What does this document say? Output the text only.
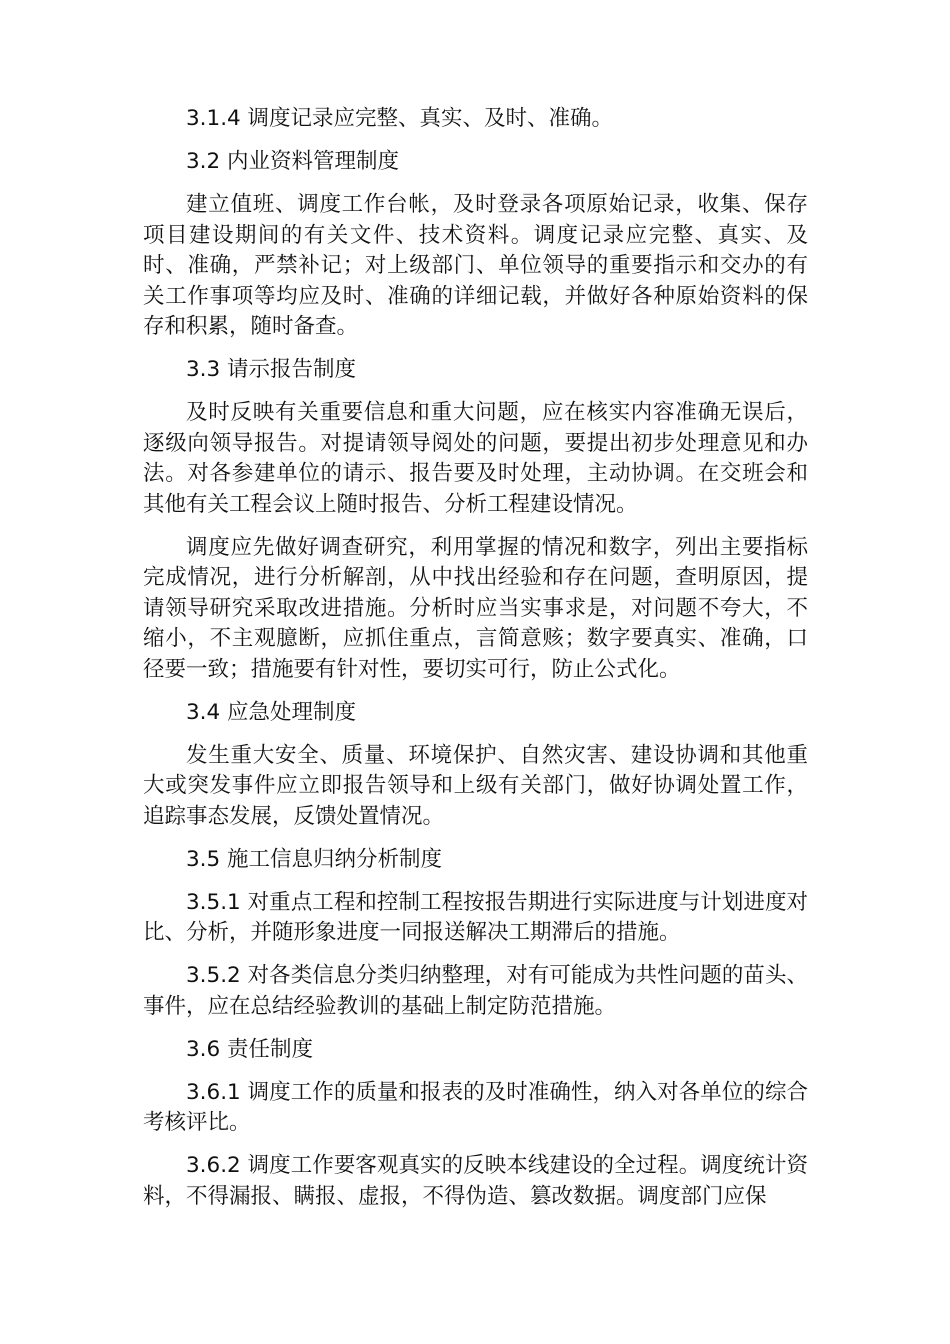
3.1.4 调度记录应完整、真实、及时、准确。

3.2 内业资料管理制度

建立值班、调度工作台帐，及时登录各项原始记录，收集、保存项目建设期间的有关文件、技术资料。调度记录应完整、真实、及时、准确，严禁补记；对上级部门、单位领导的重要指示和交办的有关工作事项等均应及时、准确的详细记载，并做好各种原始资料的保存和积累，随时备查。

3.3 请示报告制度

及时反映有关重要信息和重大问题，应在核实内容准确无误后，逐级向领导报告。对提请领导阅处的问题，要提出初步处理意见和办法。对各参建单位的请示、报告要及时处理，主动协调。在交班会和其他有关工程会议上随时报告、分析工程建设情况。

调度应先做好调查研究，利用掌握的情况和数字，列出主要指标完成情况，进行分析解剖，从中找出经验和存在问题，查明原因，提请领导研究采取改进措施。分析时应当实事求是，对问题不夸大，不缩小，不主观臆断，应抓住重点，言简意赅；数字要真实、准确，口径要一致；措施要有针对性，要切实可行，防止公式化。

3.4 应急处理制度

发生重大安全、质量、环境保护、自然灾害、建设协调和其他重大或突发事件应立即报告领导和上级有关部门，做好协调处置工作，追踪事态发展，反馈处置情况。

3.5 施工信息归纳分析制度

3.5.1 对重点工程和控制工程按报告期进行实际进度与计划进度对比、分析，并随形象进度一同报送解决工期滞后的措施。

3.5.2 对各类信息分类归纳整理，对有可能成为共性问题的苗头、事件，应在总结经验教训的基础上制定防范措施。

3.6 责任制度

3.6.1 调度工作的质量和报表的及时准确性，纳入对各单位的综合考核评比。

3.6.2 调度工作要客观真实的反映本线建设的全过程。调度统计资料，不得漏报、瞒报、虚报，不得伪造、篡改数据。调度部门应保
